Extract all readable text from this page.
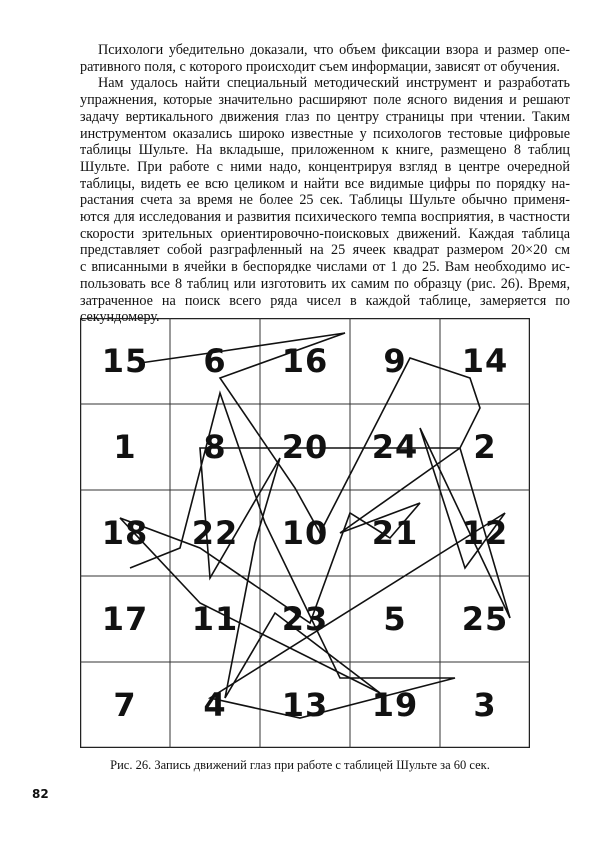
Психологи убедительно доказали, что объем фиксации взора и размер опе-
ративного поля, с которого происходит съем информации, зависят от обучения.
Нам удалось найти специальный методический инструмент и разработать
упражнения, которые значительно расширяют поле ясного видения и решают
задачу вертикального движения глаз по центру страницы при чтении. Таким
инструментом оказались широко известные у психологов тестовые цифровые
таблицы Шульте. На вкладыше, приложенном к книге, размещено 8 таблиц
Шульте. При работе с ними надо, концентрируя взгляд в центре очередной
таблицы, видеть ее всю целиком и найти все видимые цифры по порядку на-
растания счета за время не более 25 сек. Таблицы Шульте обычно применя-
ются для исследования и развития психического темпа восприятия, в частности
скорости зрительных ориентировочно-поисковых движений. Каждая таблица
представляет собой разграфленный на 25 ячеек квадрат размером 20×20 см
с вписанными в ячейки в беспорядке числами от 1 до 25. Вам необходимо ис-
пользовать все 8 таблиц или изготовить их самим по образцу (рис. 26). Время,
затраченное на поиск всего ряда чисел в каждой таблице, замеряется по
секундомеру.
15	6	16	9	14
1	8	20	24	2
18	22	10	21	12
17	11	23	5	25
7	4	13	19	3
Рис. 26. Запись движений глаз при работе с таблицей Шульте за 60 сек.
82
